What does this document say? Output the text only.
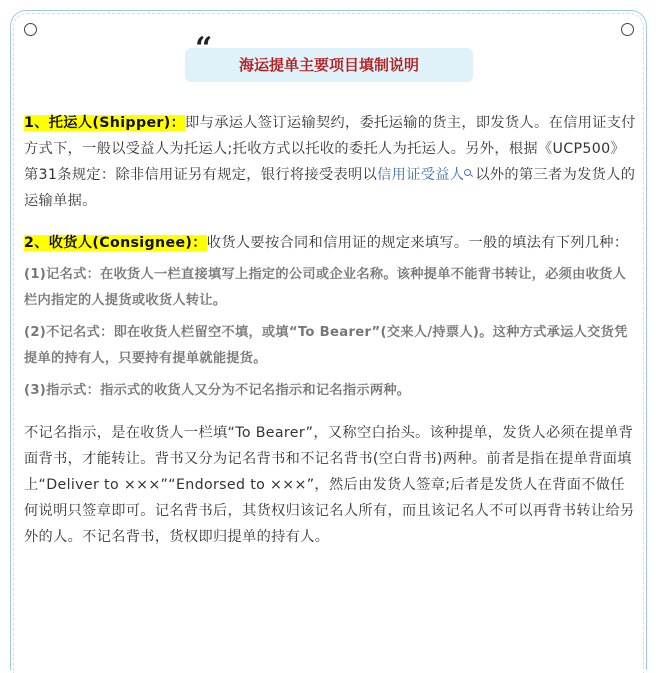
“	海运提单主要项目填制说明

1、托运人(Shipper)：即与承运人签订运输契约，委托运输的货主，即发货人。在信用证支付方式下，一般以受益人为托运人;托收方式以托收的委托人为托运人。另外，根据《UCP500》第31条规定：除非信用证另有规定，银行将接受表明以信用证受益人 以外的第三者为发货人的运输单据。

2、收货人(Consignee)：收货人要按合同和信用证的规定来填写。一般的填法有下列几种：

(1)记名式：在收货人一栏直接填写上指定的公司或企业名称。该种提单不能背书转让，必须由收货人栏内指定的人提货或收货人转让。

(2)不记名式：即在收货人栏留空不填，或填“To Bearer”(交来人/持票人)。这种方式承运人交货凭提单的持有人，只要持有提单就能提货。

(3)指示式：指示式的收货人又分为不记名指示和记名指示两种。

不记名指示，是在收货人一栏填“To Bearer”，又称空白抬头。该种提单，发货人必须在提单背面背书，才能转让。背书又分为记名背书和不记名背书(空白背书)两种。前者是指在提单背面填上“Deliver to ×××”“Endorsed to ×××”，然后由发货人签章;后者是发货人在背面不做任何说明只签章即可。记名背书后，其货权归该记名人所有，而且该记名人不可以再背书转让给另外的人。不记名背书，货权即归提单的持有人。
